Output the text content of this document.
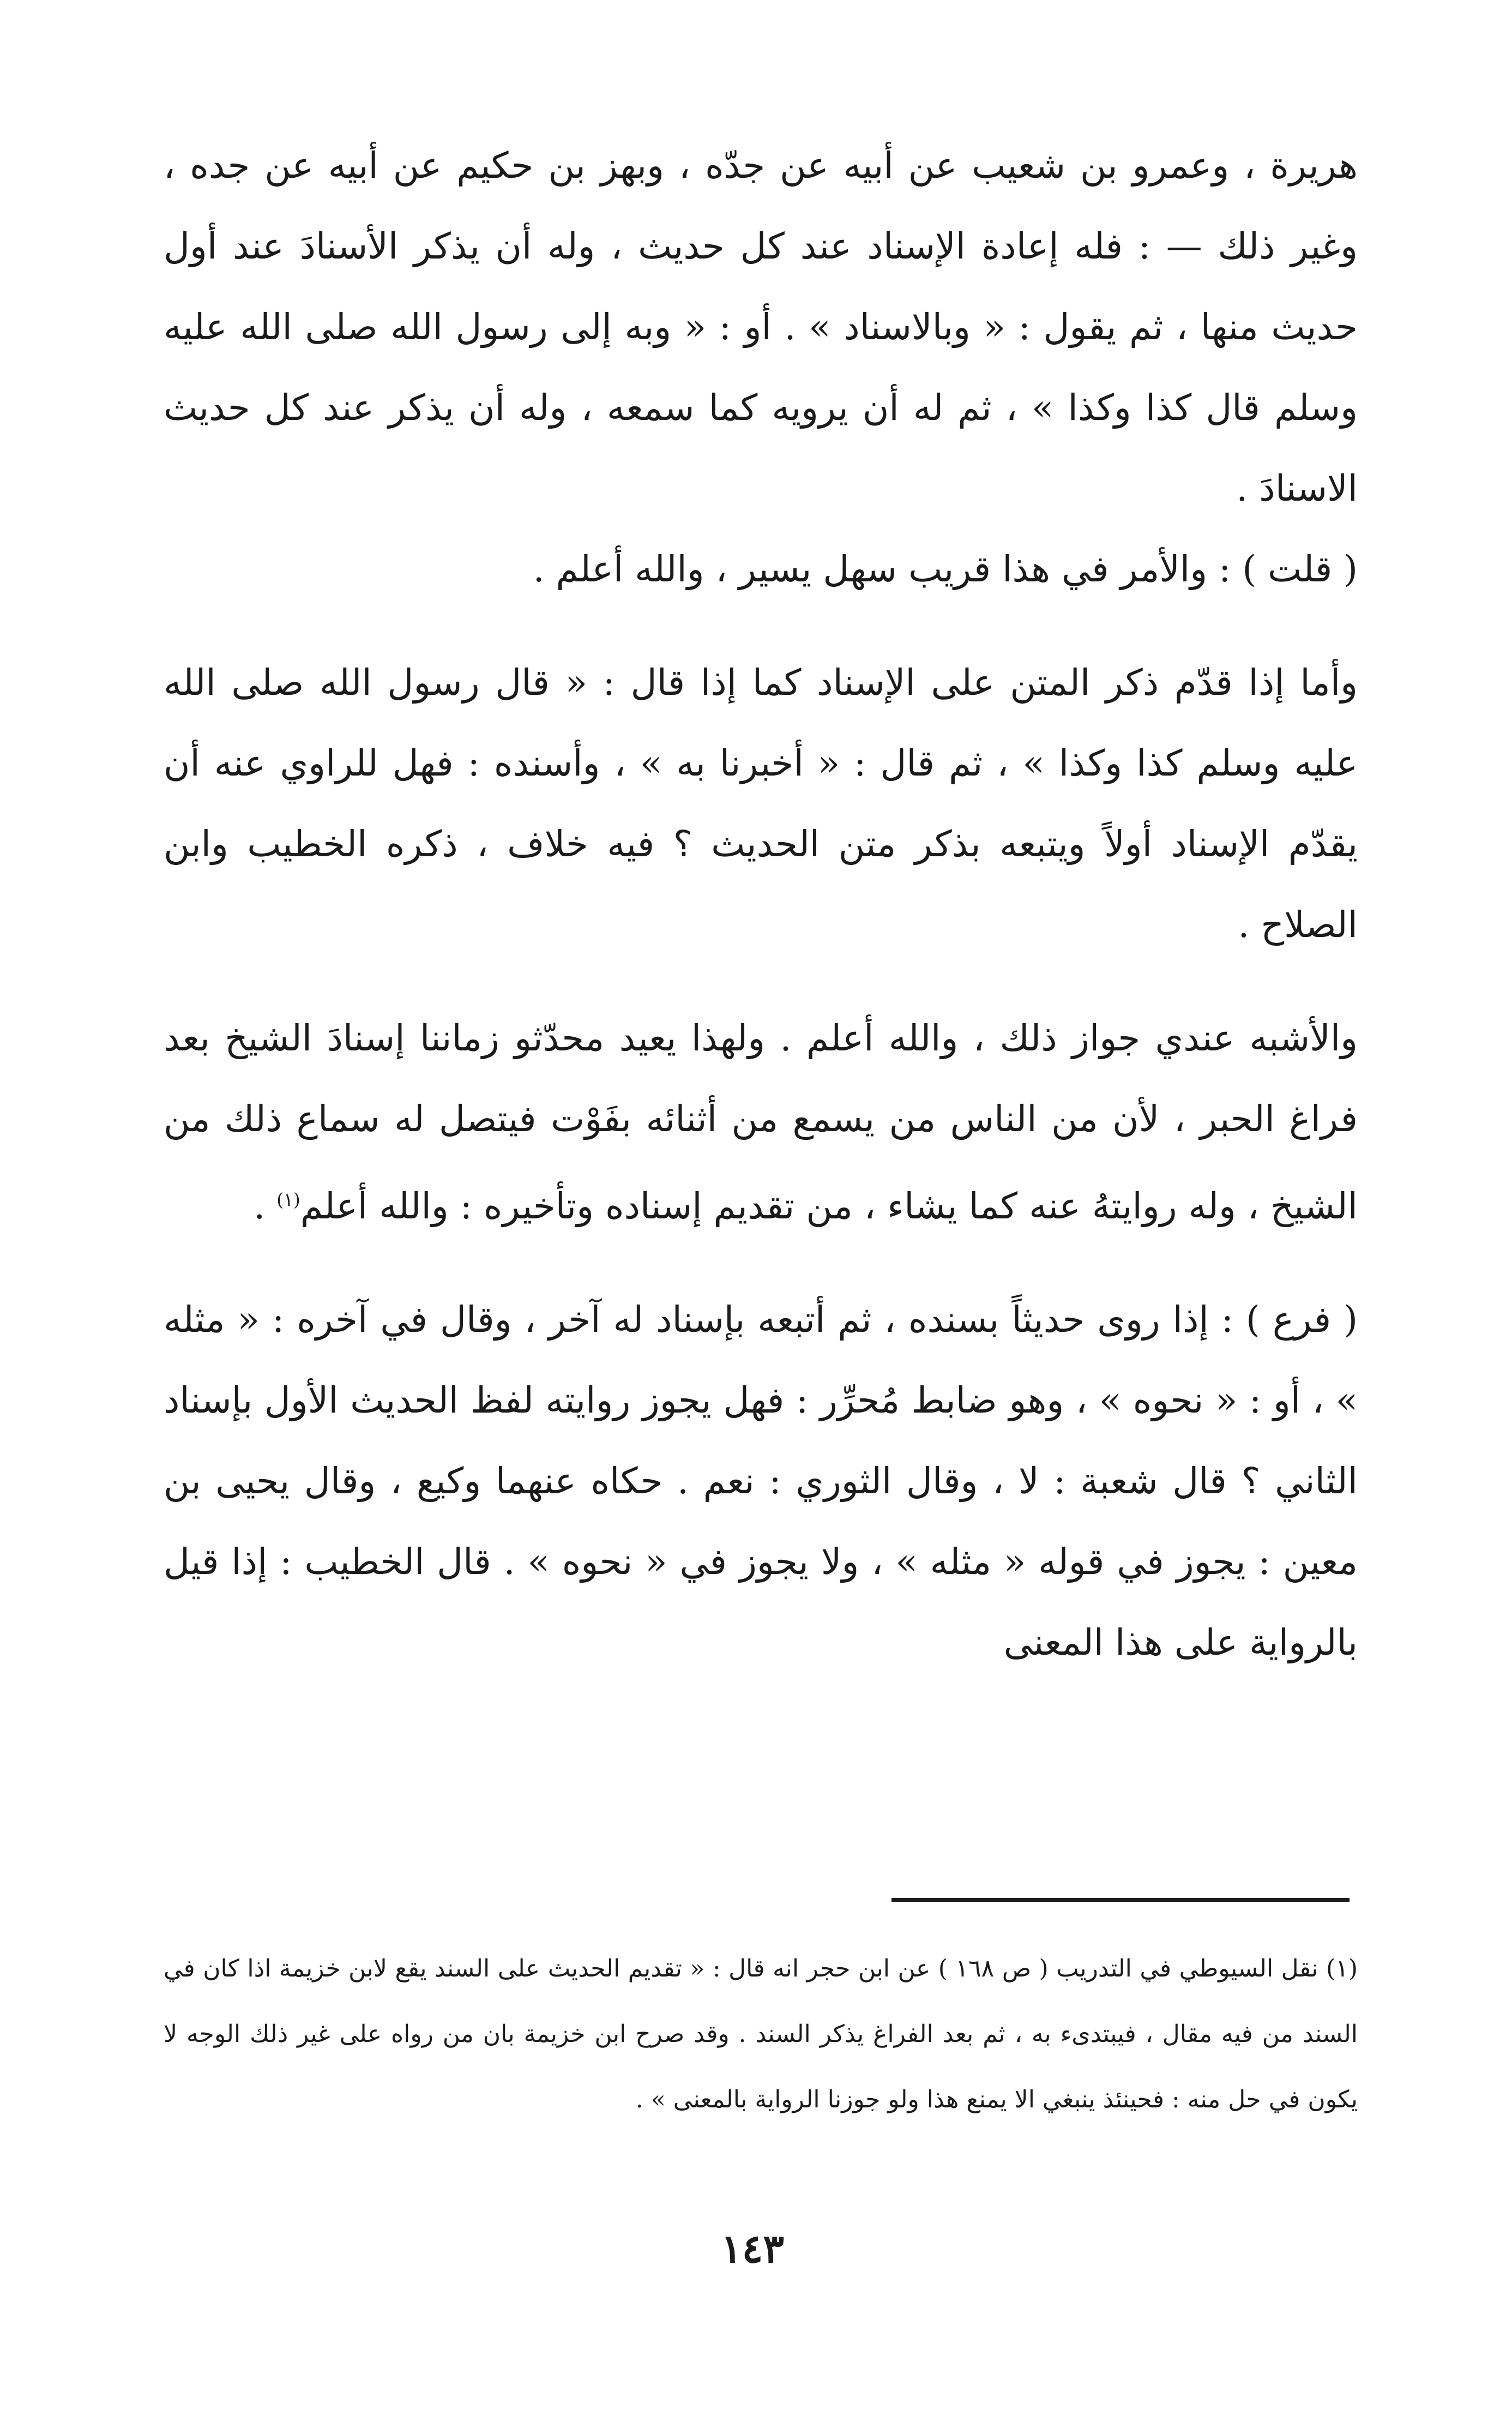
هريرة ، وعمرو بن شعيب عن أبيه عن جدّه ، وبهز بن حكيم عن أبيه عن جده ، وغير ذلك — : فله إعادة الإسناد عند كل حديث ، وله أن يذكر الأسنادَ عند أول حديث منها ، ثم يقول : « وبالاسناد » . أو : « وبه إلى رسول الله صلى الله عليه وسلم قال كذا وكذا » ، ثم له أن يرويه كما سمعه ، وله أن يذكر عند كل حديث الاسنادَ .

( قلت ) : والأمر في هذا قريب سهل يسير ، والله أعلم .

وأما إذا قدّم ذكر المتن على الإسناد كما إذا قال : « قال رسول الله صلى الله عليه وسلم كذا وكذا » ، ثم قال : « أخبرنا به » ، وأسنده : فهل للراوي عنه أن يقدّم الإسناد أولاً ويتبعه بذكر متن الحديث ؟ فيه خلاف ، ذكره الخطيب وابن الصلاح .

والأشبه عندي جواز ذلك ، والله أعلم . ولهذا يعيد محدّثو زماننا إسنادَ الشيخ بعد فراغ الحبر ، لأن من الناس من يسمع من أثنائه بفَوْت فيتصل له سماع ذلك من الشيخ ، وله روايتهُ عنه كما يشاء ، من تقديم إسناده وتأخيره : والله أعلم$^{(١)}$ .

( فرع ) : إذا روى حديثاً بسنده ، ثم أتبعه بإسناد له آخر ، وقال في آخره : « مثله » ، أو : « نحوه » ، وهو ضابط مُحرِّر : فهل يجوز روايته لفظ الحديث الأول بإسناد الثاني ؟ قال شعبة : لا ، وقال الثوري : نعم . حكاه عنهما وكيع ، وقال يحيى بن معين : يجوز في قوله « مثله » ، ولا يجوز في « نحوه » . قال الخطيب : إذا قيل بالرواية على هذا المعنى

(١) نقل السيوطي في التدريب ( ص ١٦٨ ) عن ابن حجر انه قال : « تقديم الحديث على السند يقع لابن خزيمة اذا كان في السند من فيه مقال ، فيبتدىء به ، ثم بعد الفراغ يذكر السند . وقد صرح ابن خزيمة بان من رواه على غير ذلك الوجه لا يكون في حل منه : فحينئذ ينبغي الا يمنع هذا ولو جوزنا الرواية بالمعنى » .

١٤٣
